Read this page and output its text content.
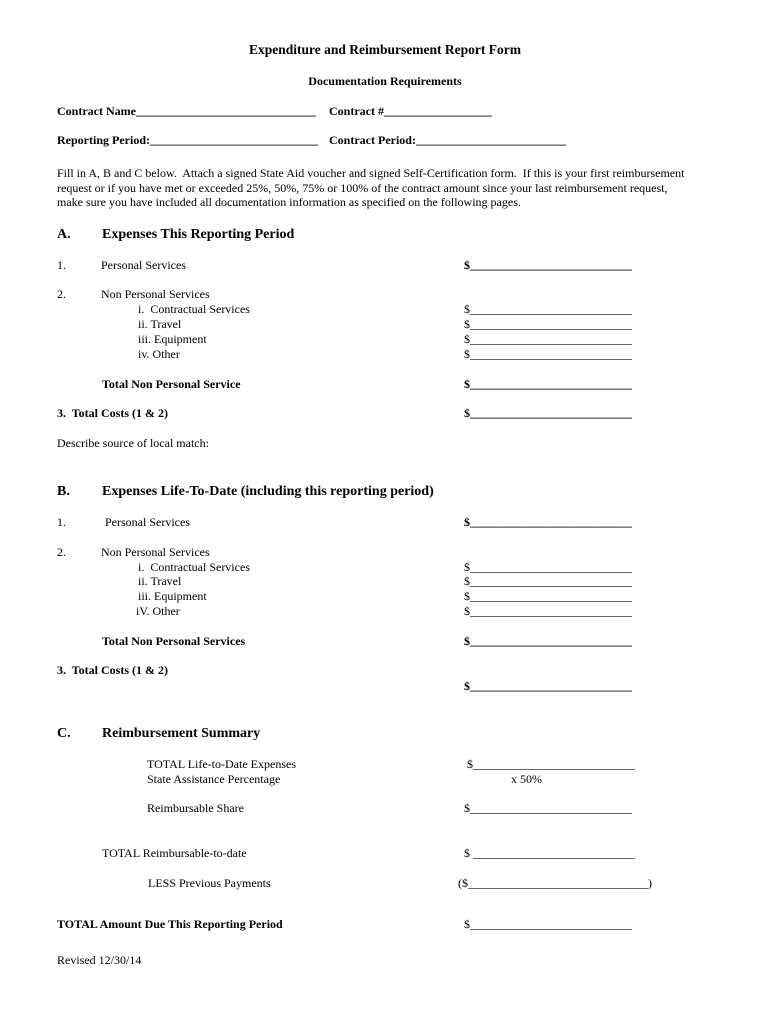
Expenditure and Reimbursement Report Form
Documentation Requirements
Contract Name______________________________ Contract #__________________
Reporting Period:____________________________ Contract Period:_________________________
Fill in A, B and C below.  Attach a signed State Aid voucher and signed Self-Certification form.  If this is your first reimbursement
request or if you have met or exceeded 25%, 50%, 75% or 100% of the contract amount since your last reimbursement request,
make sure you have included all documentation information as specified on the following pages.
A. Expenses This Reporting Period
1.	Personal Services	$___________________________
2.	Non Personal Services
i.  Contractual Services	$___________________________
ii. Travel	$___________________________
iii. Equipment	$___________________________
iv. Other	$___________________________
Total Non Personal Service	$___________________________
3.  Total Costs (1 & 2)	$___________________________
Describe source of local match:
B. Expenses Life-To-Date (including this reporting period)
1.	Personal Services	$___________________________
2.	Non Personal Services
i.  Contractual Services	$___________________________
ii. Travel	$___________________________
iii. Equipment	$___________________________
iV. Other	$___________________________
Total Non Personal Services	$___________________________
3.  Total Costs (1 & 2)
$___________________________
C. Reimbursement Summary
TOTAL Life-to-Date Expenses	$___________________________
State Assistance Percentage	x 50%
Reimbursable Share	$___________________________
TOTAL Reimbursable-to-date	$ ___________________________
LESS Previous Payments	($______________________________)
TOTAL Amount Due This Reporting Period	$___________________________
Revised 12/30/14
